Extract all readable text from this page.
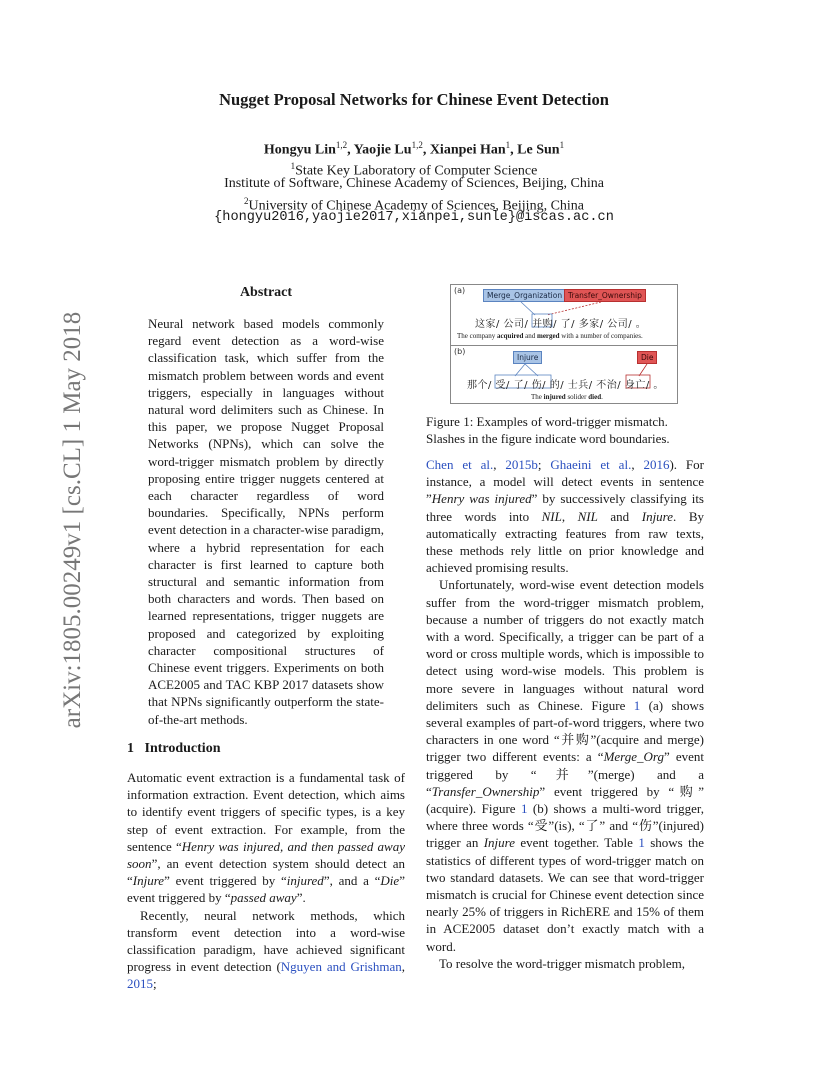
arXiv:1805.00249v1 [cs.CL] 1 May 2018
Nugget Proposal Networks for Chinese Event Detection
Hongyu Lin$^{1,2}$, Yaojie Lu$^{1,2}$, Xianpei Han$^1$, Le Sun$^1$
$^1$State Key Laboratory of Computer Science
Institute of Software, Chinese Academy of Sciences, Beijing, China
$^2$University of Chinese Academy of Sciences, Beijing, China
{hongyu2016,yaojie2017,xianpei,sunle}@iscas.ac.cn
Abstract
Neural network based models commonly regard event detection as a word-wise classification task, which suffer from the mismatch problem between words and event triggers, especially in languages without natural word delimiters such as Chinese. In this paper, we propose Nugget Proposal Networks (NPNs), which can solve the word-trigger mismatch problem by directly proposing entire trigger nuggets centered at each character regardless of word boundaries. Specifically, NPNs perform event detection in a character-wise paradigm, where a hybrid representation for each character is first learned to capture both structural and semantic information from both characters and words. Then based on learned representations, trigger nuggets are proposed and categorized by exploiting character compositional structures of Chinese event triggers. Experiments on both ACE2005 and TAC KBP 2017 datasets show that NPNs significantly outperform the state-of-the-art methods.
1 Introduction

Automatic event extraction is a fundamental task of information extraction. Event detection, which aims to identify event triggers of specific types, is a key step of event extraction. For example, from the sentence “Henry was injured, and then passed away soon”, an event detection system should detect an “Injure” event triggered by “injured”, and a “Die” event triggered by “passed away”.

Recently, neural network methods, which transform event detection into a word-wise classification paradigm, have achieved significant progress in event detection (Nguyen and Grishman, 2015;

(a)
Merge_Organization Transfer_Ownership
这家/ 公司/ 并购/ 了/ 多家/ 公司/ 。
The company acquired and merged with a number of companies.
(b)
Injure	Die
那个/ 受/ 了/ 伤/ 的/ 士兵/ 不治/ 身亡/ 。
The injured solider died.
Figure 1: Examples of word-trigger mismatch. Slashes in the figure indicate word boundaries.

Chen et al., 2015b; Ghaeini et al., 2016). For instance, a model will detect events in sentence ”Henry was injured” by successively classifying its three words into NIL, NIL and Injure. By automatically extracting features from raw texts, these methods rely little on prior knowledge and achieved promising results.

Unfortunately, word-wise event detection models suffer from the word-trigger mismatch problem, because a number of triggers do not exactly match with a word. Specifically, a trigger can be part of a word or cross multiple words, which is impossible to detect using word-wise models. This problem is more severe in languages without natural word delimiters such as Chinese. Figure 1 (a) shows several examples of part-of-word triggers, where two characters in one word “并购”(acquire and merge) trigger two different events: a “Merge_Org” event triggered by “并”(merge) and a “Transfer_Ownership” event triggered by “购” (acquire). Figure 1 (b) shows a multi-word trigger, where three words “受”(is), “了” and “伤”(injured) trigger an Injure event together. Table 1 shows the statistics of different types of word-trigger match on two standard datasets. We can see that word-trigger mismatch is crucial for Chinese event detection since nearly 25% of triggers in RichERE and 15% of them in ACE2005 dataset don’t exactly match with a word.

To resolve the word-trigger mismatch problem,
